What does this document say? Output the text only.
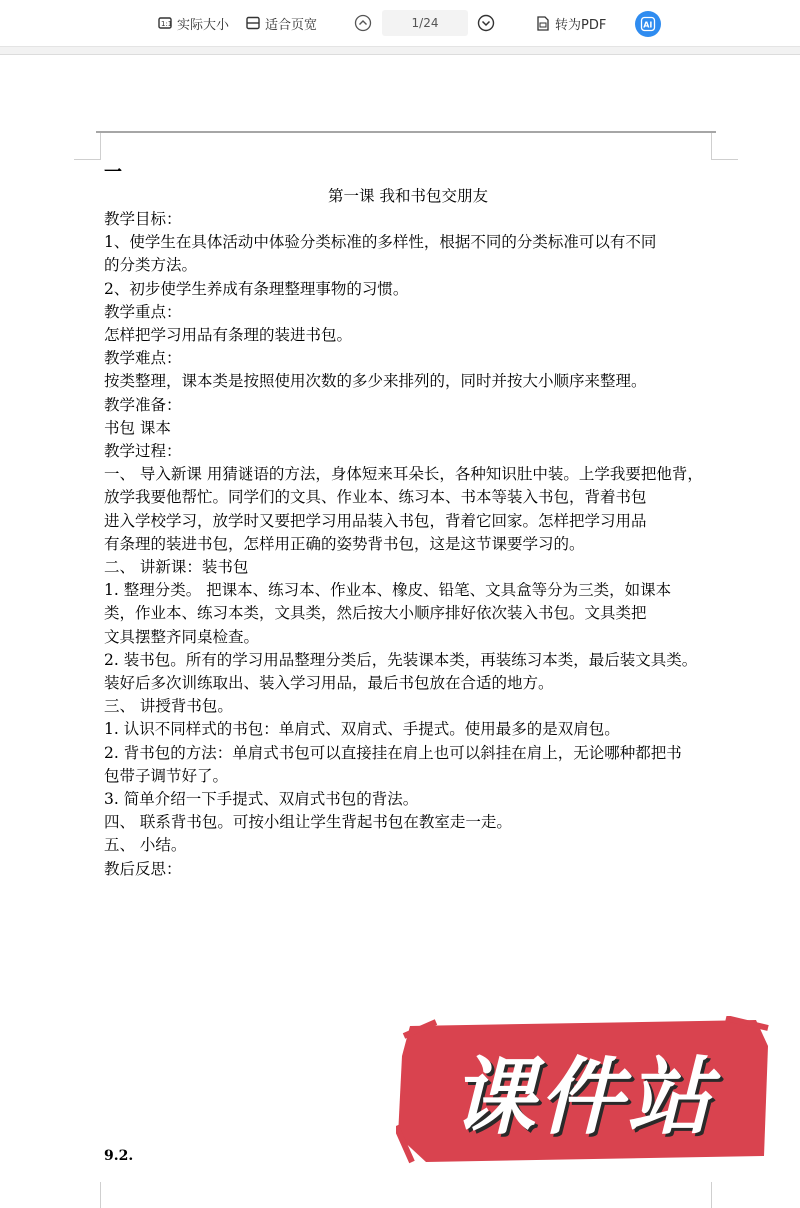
1:1 实际大小	适合页宽	1/24	转为PDF	AI
一
第一课 我和书包交朋友
教学目标：
1、使学生在具体活动中体验分类标准的多样性，根据不同的分类标准可以有不同
的分类方法。
2、初步使学生养成有条理整理事物的习惯。
教学重点：
怎样把学习用品有条理的装进书包。
教学难点：
按类整理，课本类是按照使用次数的多少来排列的，同时并按大小顺序来整理。
教学准备：
书包 课本
教学过程：
一、 导入新课 用猜谜语的方法，身体短来耳朵长，各种知识肚中装。上学我要把他背，
放学我要他帮忙。同学们的文具、作业本、练习本、书本等装入书包，背着书包
进入学校学习，放学时又要把学习用品装入书包，背着它回家。怎样把学习用品
有条理的装进书包，怎样用正确的姿势背书包，这是这节课要学习的。
二、 讲新课：装书包
1. 整理分类。 把课本、练习本、作业本、橡皮、铅笔、文具盒等分为三类，如课本
类，作业本、练习本类，文具类，然后按大小顺序排好依次装入书包。文具类把
文具摆整齐同桌检查。
2. 装书包。所有的学习用品整理分类后，先装课本类，再装练习本类，最后装文具类。
装好后多次训练取出、装入学习用品，最后书包放在合适的地方。
三、 讲授背书包。
1. 认识不同样式的书包：单肩式、双肩式、手提式。使用最多的是双肩包。
2. 背书包的方法：单肩式书包可以直接挂在肩上也可以斜挂在肩上，无论哪种都把书
包带子调节好了。
3. 简单介绍一下手提式、双肩式书包的背法。
四、 联系背书包。可按小组让学生背起书包在教室走一走。
五、 小结。
教后反思：
9.2.
课件站
